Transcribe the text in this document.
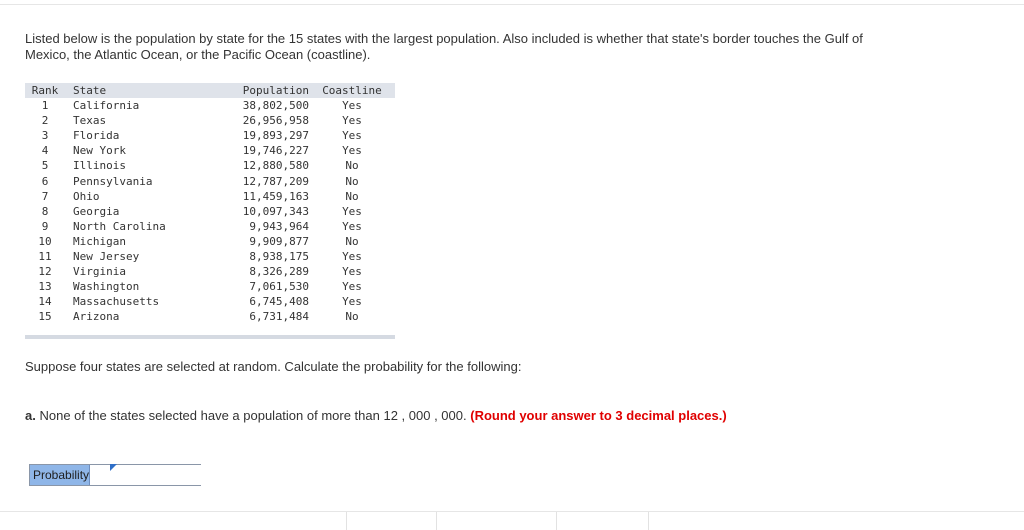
Listed below is the population by state for the 15 states with the largest population. Also included is whether that state's border touches the Gulf of Mexico, the Atlantic Ocean, or the Pacific Ocean (coastline).
Rank	State	Population	Coastline
1	California	38,802,500	Yes
2	Texas	26,956,958	Yes
3	Florida	19,893,297	Yes
4	New York	19,746,227	Yes
5	Illinois	12,880,580	No
6	Pennsylvania	12,787,209	No
7	Ohio	11,459,163	No
8	Georgia	10,097,343	Yes
9	North Carolina	9,943,964	Yes
10	Michigan	9,909,877	No
11	New Jersey	8,938,175	Yes
12	Virginia	8,326,289	Yes
13	Washington	7,061,530	Yes
14	Massachusetts	6,745,408	Yes
15	Arizona	6,731,484	No
Suppose four states are selected at random. Calculate the probability for the following:
a. None of the states selected have a population of more than 12 , 000 , 000. (Round your answer to 3 decimal places.)
Probability
